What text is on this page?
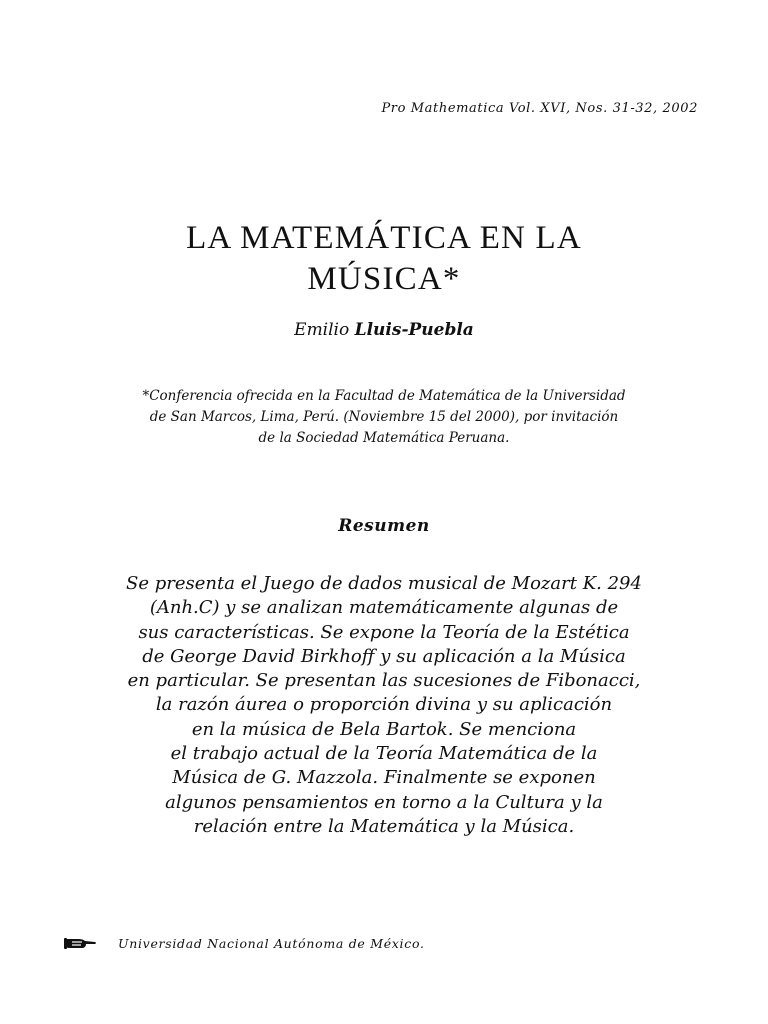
Pro Mathematica Vol. XVI, Nos. 31-32, 2002
LA MATEMÁTICA EN LA
MÚSICA*
Emilio Lluis-Puebla
*Conferencia ofrecida en la Facultad de Matemática de la Universidad
de San Marcos, Lima, Perú. (Noviembre 15 del 2000), por invitación
de la Sociedad Matemática Peruana.
Resumen
Se presenta el Juego de dados musical de Mozart K. 294
(Anh.C) y se analizan matemáticamente algunas de
sus características. Se expone la Teoría de la Estética
de George David Birkhoff y su aplicación a la Música
en particular. Se presentan las sucesiones de Fibonacci,
la razón áurea o proporción divina y su aplicación
en la música de Bela Bartok. Se menciona
el trabajo actual de la Teoría Matemática de la
Música de G. Mazzola. Finalmente se exponen
algunos pensamientos en torno a la Cultura y la
relación entre la Matemática y la Música.
Universidad Nacional Autónoma de México.
